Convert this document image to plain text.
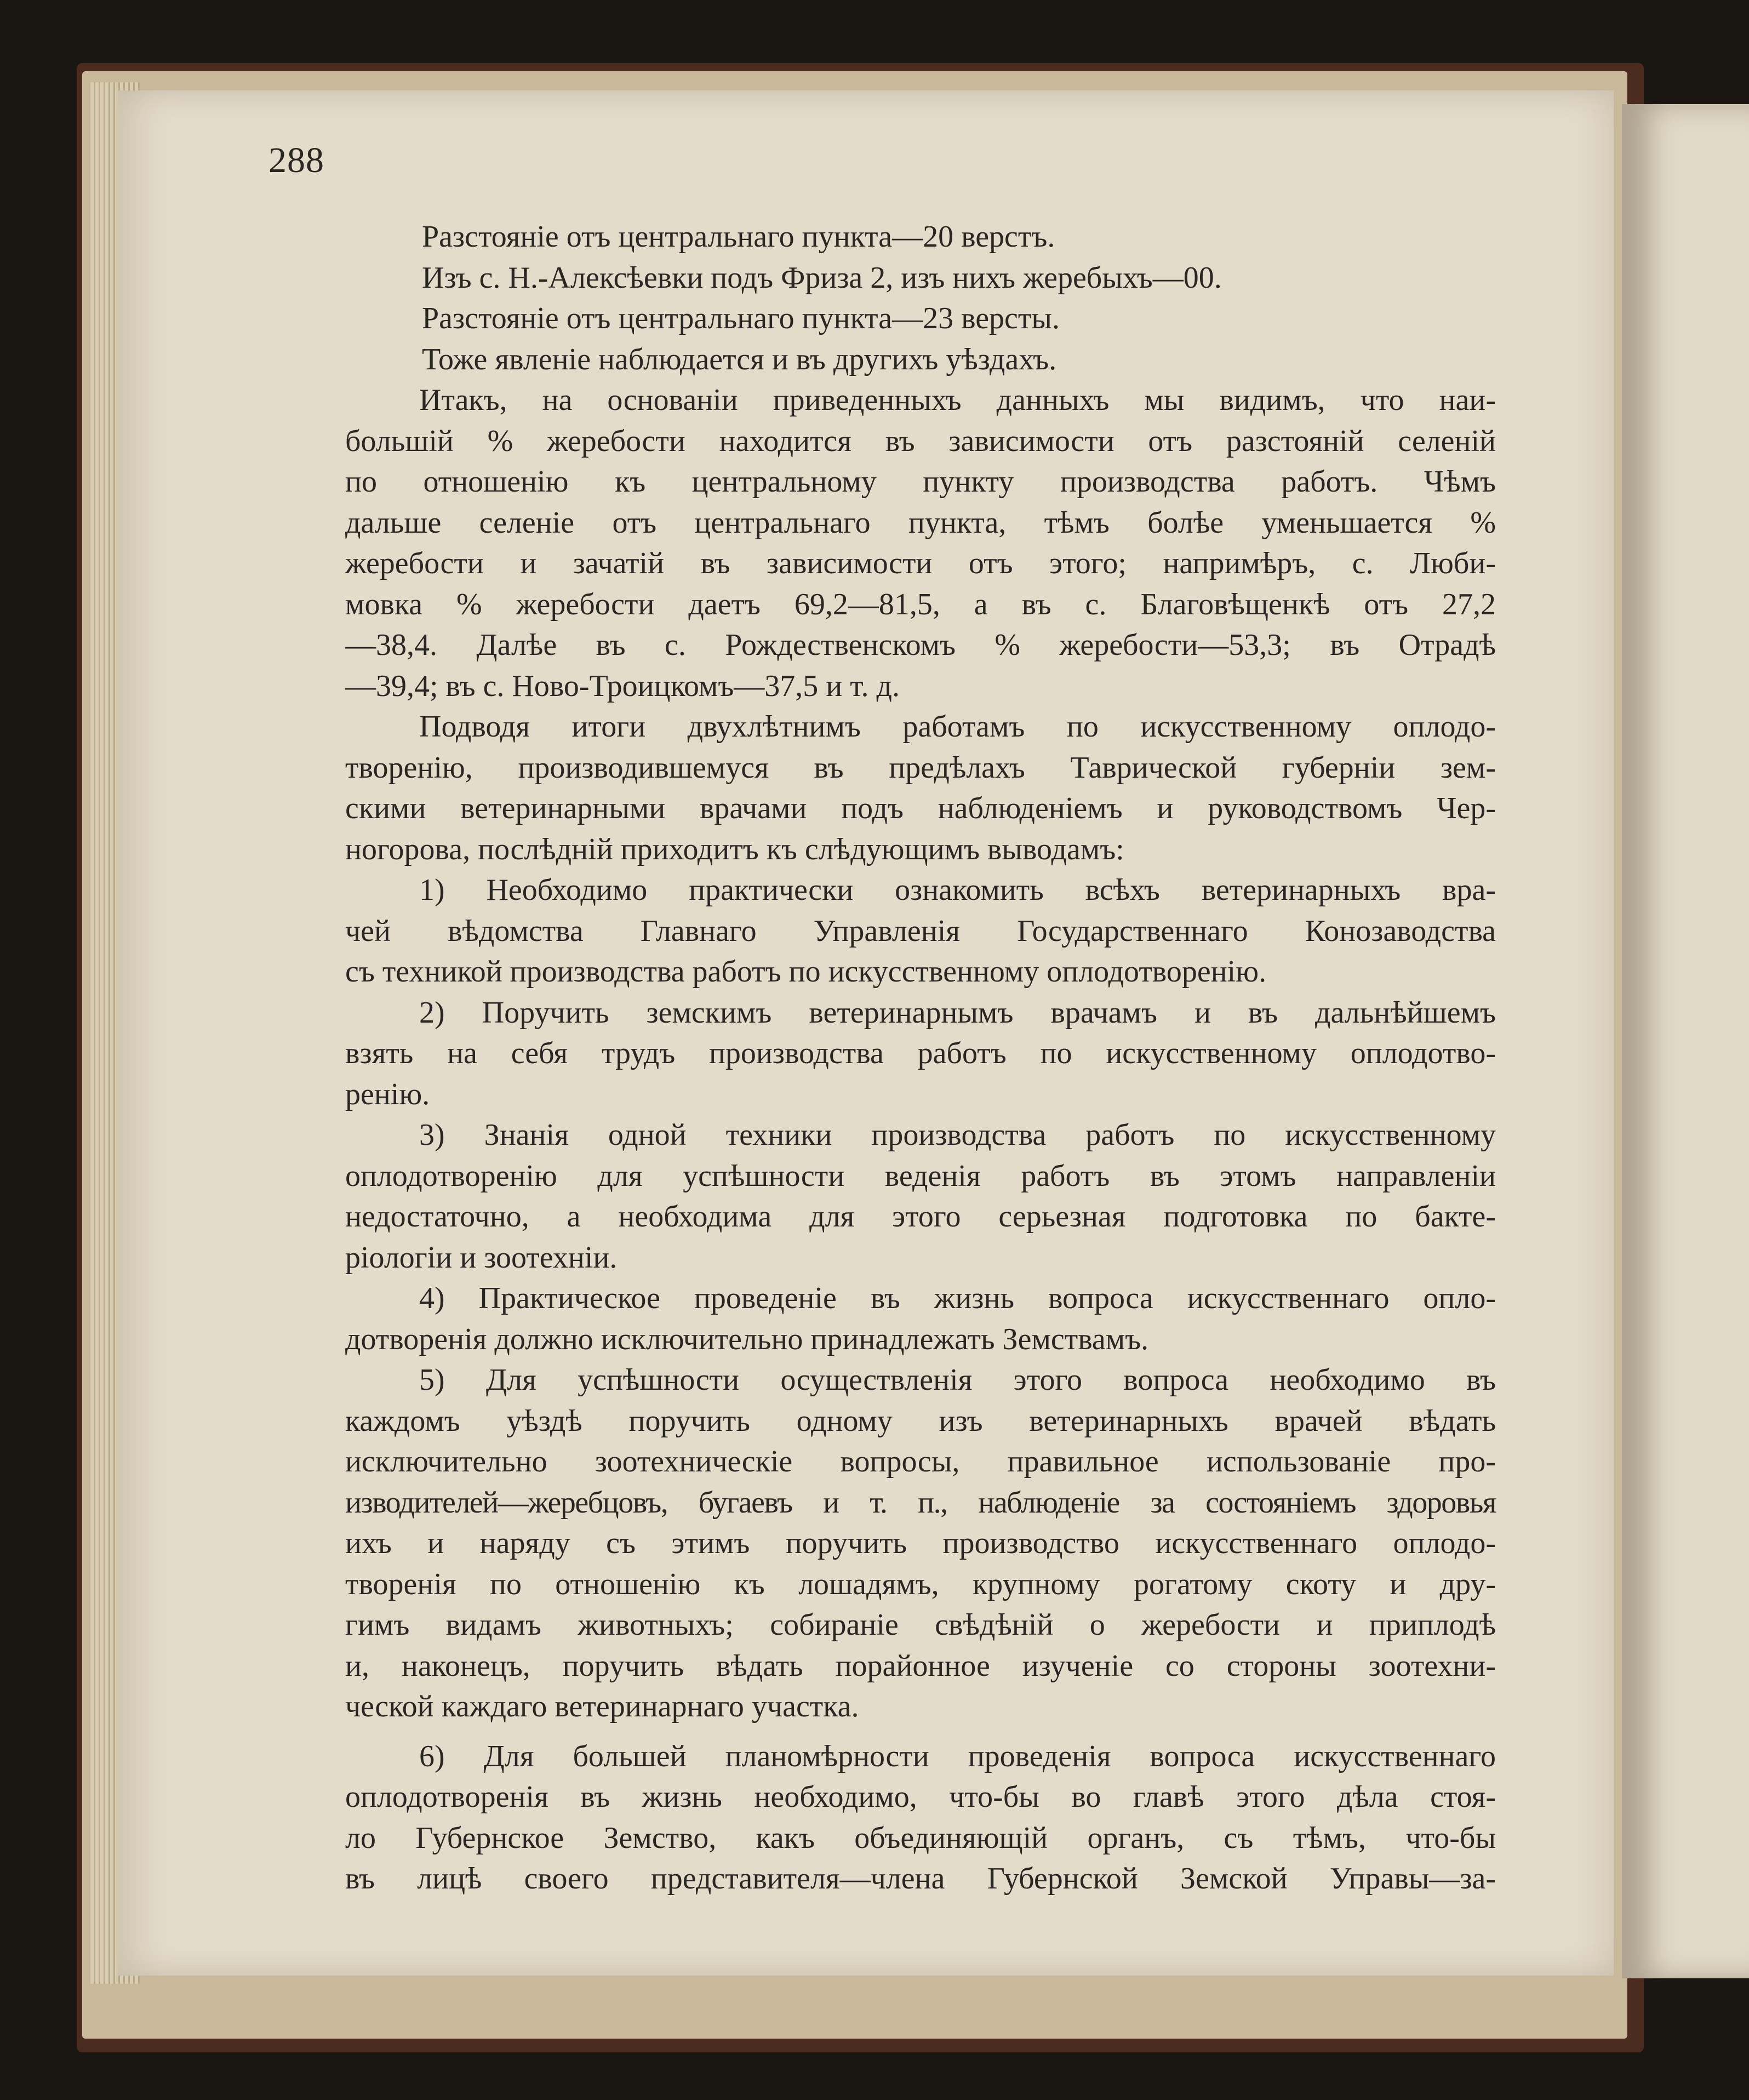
288
Разстоянiе отъ центральнаго пункта—20 верстъ.
Изъ с. Н.-Алексѣевки подъ Фриза 2, изъ нихъ жеребыхъ—00.
Разстоянiе отъ центральнаго пункта—23 версты.
Тоже явленiе наблюдается и въ другихъ уѣздахъ.
Итакъ, на основанiи приведенныхъ данныхъ мы видимъ, что наи-
большiй % жеребости находится въ зависимости отъ разстоянiй селенiй
по отношенiю къ центральному пункту производства работъ. Чѣмъ
дальше селенiе отъ центральнаго пункта, тѣмъ болѣе уменьшается %
жеребости и зачатiй въ зависимости отъ этого; напримѣръ, с. Люби-
мовка % жеребости даетъ 69,2—81,5, а въ с. Благовѣщенкѣ отъ 27,2
—38,4. Далѣе въ с. Рождественскомъ % жеребости—53,3; въ Отрадѣ
—39,4; въ с. Ново-Троицкомъ—37,5 и т. д.
Подводя итоги двухлѣтнимъ работамъ по искусственному оплодо-
творенiю, производившемуся въ предѣлахъ Таврической губернiи зем-
скими ветеринарными врачами подъ наблюденiемъ и руководствомъ Чер-
ногорова, послѣднiй приходитъ къ слѣдующимъ выводамъ:
1) Необходимо практически ознакомить всѣхъ ветеринарныхъ вра-
чей вѣдомства Главнаго Управленiя Государственнаго Конозаводства
съ техникой производства работъ по искусственному оплодотворенiю.
2) Поручить земскимъ ветеринарнымъ врачамъ и въ дальнѣйшемъ
взять на себя трудъ производства работъ по искусственному оплодотво-
ренiю.
3) Знанiя одной техники производства работъ по искусственному
оплодотворенiю для успѣшности веденiя работъ въ этомъ направленiи
недостаточно, а необходима для этого серьезная подготовка по бакте-
рiологiи и зоотехнiи.
4) Практическое проведенiе въ жизнь вопроса искусственнаго опло-
дотворенiя должно исключительно принадлежать Земствамъ.
5) Для успѣшности осуществленiя этого вопроса необходимо въ
каждомъ уѣздѣ поручить одному изъ ветеринарныхъ врачей вѣдать
исключительно зоотехническiе вопросы, правильное использованiе про-
изводителей—жеребцовъ, бугаевъ и т. п., наблюденiе за состоянiемъ здоровья
ихъ и наряду съ этимъ поручить производство искусственнаго оплодо-
творенiя по отношенiю къ лошадямъ, крупному рогатому скоту и дру-
гимъ видамъ животныхъ; собиранiе свѣдѣнiй о жеребости и приплодѣ
и, наконецъ, поручить вѣдать порайонное изученiе со стороны зоотехни-
ческой каждаго ветеринарнаго участка.
6) Для большей планомѣрности проведенiя вопроса искусственнаго
оплодотворенiя въ жизнь необходимо, что-бы во главѣ этого дѣла стоя-
ло Губернское Земство, какъ объединяющiй органъ, съ тѣмъ, что-бы
въ лицѣ своего представителя—члена Губернской Земской Управы—за-
